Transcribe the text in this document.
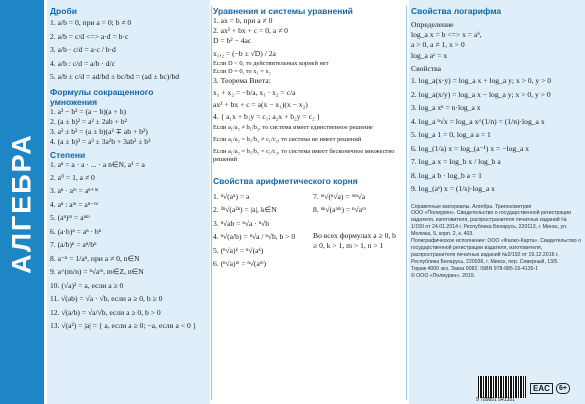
АЛГЕБРА

Дроби

1. a/b = 0, при a = 0; b ≠ 0

2. a/b = c/d <=> a·d = b·c

3. a/b · c/d = a·c / b·d

4. a/b : c/d = a/b · d/c

5. a/b ± c/d = ad/bd ± bc/bd = (ad ± bc)/bd

Формулы сокращенного

умножения

1. a² − b² = (a − b)(a + b)

2. (a ± b)² = a² ± 2ab + b²

3. a³ ± b³ = (a ± b)(a² ∓ ab + b²)

4. (a ± b)³ = a³ ± 3a²b + 3ab² ± b³

Степени

1. aⁿ = a · a · ... · a n∈N, a¹ = a

2. a⁰ = 1, a ≠ 0

3. aⁿ · aᵐ = aⁿ⁺ᵐ

4. aⁿ : aᵐ = aⁿ⁻ᵐ

5. (aⁿ)ᵐ = aⁿᵐ

6. (a·b)ⁿ = aⁿ · bⁿ

7. (a/b)ⁿ = aⁿ/bⁿ

8. a⁻ⁿ = 1/aⁿ, при a ≠ 0, n∈N

9. a^(m/n) = ⁿ√aᵐ, m∈Z, n∈N

10. (√a)² = a, если a ≥ 0

11. √(ab) = √a · √b, если a ≥ 0, b ≥ 0

12. √(a/b) = √a/√b, если a ≥ 0, b > 0

13. √(a²) = |a| = { a, если a ≥ 0; −a, если a < 0 }

Уравнения и системы уравнений

1. ax = b, при a ≠ 0

2. ax² + bx + c = 0, a ≠ 0

D = b² − 4ac

x₁,₂ = (−b ± √D) / 2a

Если D < 0, то действительных корней нет

Если D = 0, то x₁ = x₂

3. Теорема Виета:

x₁ + x₂ = −b/a, x₁ · x₂ = c/a

ax² + bx + c = a(x − x₁)(x − x₂)

4. { a₁x + b₁y = c₁; a₂x + b₂y = c₂ }

Если a₁/a₂ ≠ b₁/b₂, то система имеет единственное решение

Если a₁/a₂ = b₁/b₂ ≠ c₁/c₂, то система не имеет решений

Если a₁/a₂ = b₁/b₂ = c₁/c₂, то система имеет бесконечное множество решений

Свойства арифметического корня

1. ⁿ√(aⁿ) = a

2. ²ⁿ√(a²ⁿ) = |a|, k∈N

3. ⁿ√ab = ⁿ√a · ⁿ√b

4. ⁿ√(a/b) = ⁿ√a / ⁿ√b, b > 0

5. (ⁿ√a)ᵏ = ⁿ√(aᵏ)

6. (ⁿ√a)ᵐ = ⁿ√(aᵐ)

7. ᵐ√(ⁿ√a) = ᵐⁿ√a

8. ⁿᵏ√(aᵐᵏ) = ⁿ√aᵐ

Во всех формулах a ≥ 0, b ≥ 0, k > 1, m > 1, n > 1

Свойства логарифма

Определение

log_a x = b <=> x = aᵇ,

a > 0, a ≠ 1, x > 0

log_a aˣ = x

Свойства

1. log_a(x·y) = log_a x + log_a y; x > 0, y > 0

2. log_a(x/y) = log_a x − log_a y; x > 0, y > 0

3. log_a xⁿ = n·log_a x

4. log_a ⁿ√x = log_a x^(1/n) = (1/n)·log_a x

5. log_a 1 = 0, log_a a = 1

6. log_(1/a) x = log_(a⁻¹) x = −log_a x

7. log_a x = log_b x / log_b a

8. log_a b · log_b a = 1

9. log_(aˢ) x = (1/s)·log_a x

Справочные материалы. Алгебра. Тригонометрия

ООО «Полиурин». Свидетельство о государственной регистрации издателя, изготовителя, распространителя печатных изданий № 1/150 от 24.01.2014 г. Республика Беларусь, 220113, г. Минск, ул. Мележа, 5, корп. 2, к. 403.

Полиграфическое исполнение: ООО «Фалко-Карта». Свидетельство о государственной регистрации издателя, изготовителя, распространителя печатных изданий №2/192 от 19.12.2016 г. Республика Беларусь, 220036, г. Минск, пер. Северный, 13/5.

Тираж 4000 экз. Заказ 0082. ISBN 978-985-15-4135-1

© ООО «Полиурин», 2019.

9 789851 541351
EAC	6+
